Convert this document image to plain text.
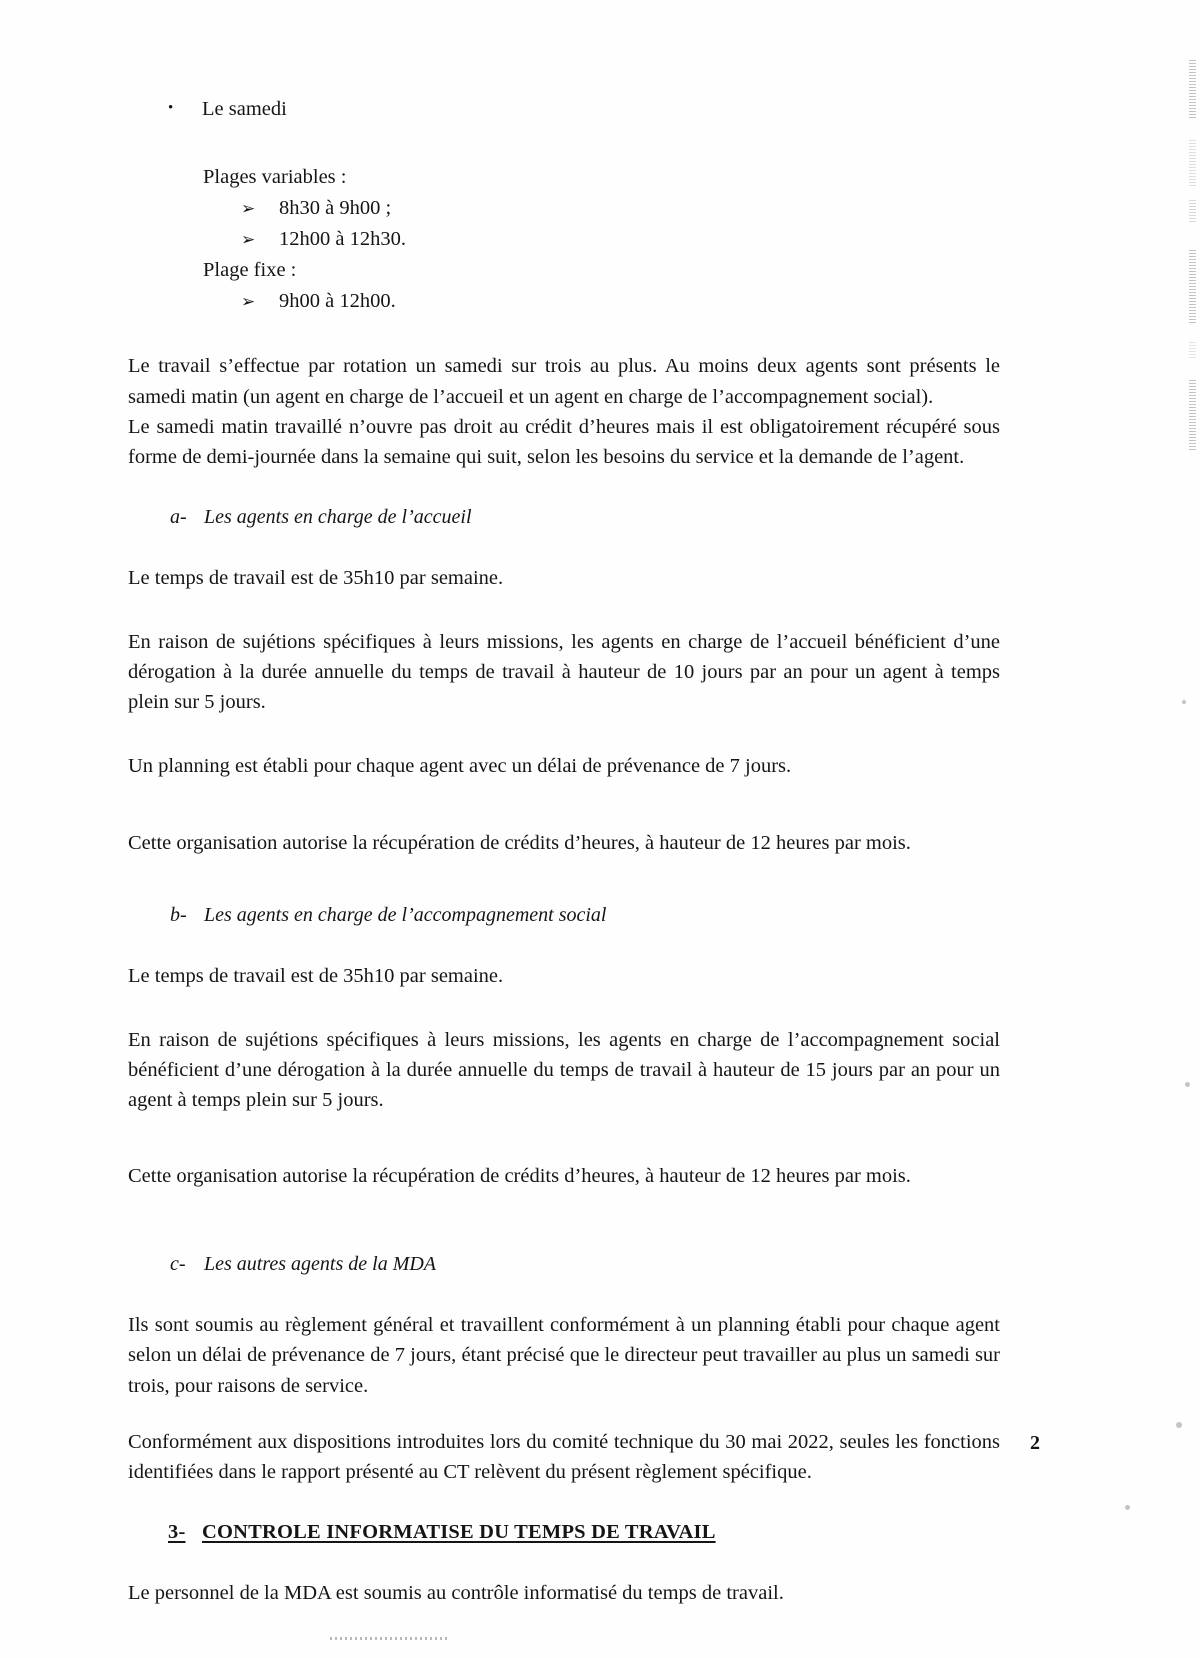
•	Le samedi
Plages variables :
➢	8h30 à 9h00 ;
➢	12h00 à 12h30.
Plage fixe :
➢	9h00 à 12h00.

Le travail s’effectue par rotation un samedi sur trois au plus. Au moins deux agents sont présents le samedi matin (un agent en charge de l’accueil et un agent en charge de l’accompagnement social).

Le samedi matin travaillé n’ouvre pas droit au crédit d’heures mais il est obligatoirement récupéré sous forme de demi-journée dans la semaine qui suit, selon les besoins du service et la demande de l’agent.

a- Les agents en charge de l’accueil

Le temps de travail est de 35h10 par semaine.

En raison de sujétions spécifiques à leurs missions, les agents en charge de l’accueil bénéficient d’une dérogation à la durée annuelle du temps de travail à hauteur de 10 jours par an pour un agent à temps plein sur 5 jours.

Un planning est établi pour chaque agent avec un délai de prévenance de 7 jours.

Cette organisation autorise la récupération de crédits d’heures, à hauteur de 12 heures par mois.

b- Les agents en charge de l’accompagnement social

Le temps de travail est de 35h10 par semaine.

En raison de sujétions spécifiques à leurs missions, les agents en charge de l’accompagnement social bénéficient d’une dérogation à la durée annuelle du temps de travail à hauteur de 15 jours par an pour un agent à temps plein sur 5 jours.

Cette organisation autorise la récupération de crédits d’heures, à hauteur de 12 heures par mois.

c- Les autres agents de la MDA

Ils sont soumis au règlement général et travaillent conformément à un planning établi pour chaque agent selon un délai de prévenance de 7 jours, étant précisé que le directeur peut travailler au plus un samedi sur trois, pour raisons de service.

Conformément aux dispositions introduites lors du comité technique du 30 mai 2022, seules les fonctions identifiées dans le rapport présenté au CT relèvent du présent règlement spécifique.

3- CONTROLE INFORMATISE DU TEMPS DE TRAVAIL

Le personnel de la MDA est soumis au contrôle informatisé du temps de travail.

2
